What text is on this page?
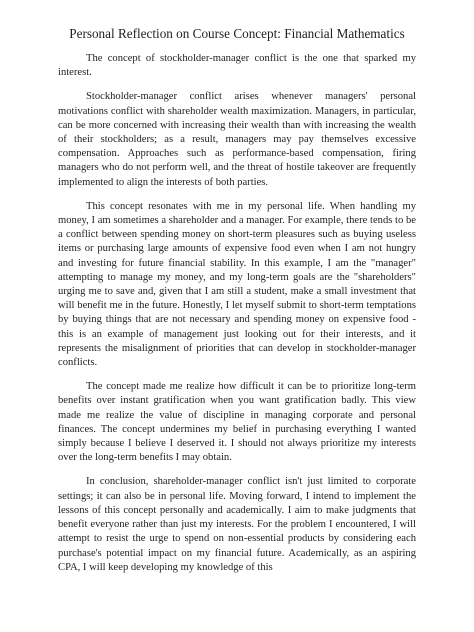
Personal Reflection on Course Concept: Financial Mathematics

The concept of stockholder-manager conflict is the one that sparked my interest.

Stockholder-manager conflict arises whenever managers' personal motivations conflict with shareholder wealth maximization. Managers, in particular, can be more concerned with increasing their wealth than with increasing the wealth of their stockholders; as a result, managers may pay themselves excessive compensation. Approaches such as performance-based compensation, firing managers who do not perform well, and the threat of hostile takeover are frequently implemented to align the interests of both parties.

This concept resonates with me in my personal life. When handling my money, I am sometimes a shareholder and a manager. For example, there tends to be a conflict between spending money on short-term pleasures such as buying useless items or purchasing large amounts of expensive food even when I am not hungry and investing for future financial stability. In this example, I am the "manager" attempting to manage my money, and my long-term goals are the "shareholders" urging me to save and, given that I am still a student, make a small investment that will benefit me in the future. Honestly, I let myself submit to short-term temptations by buying things that are not necessary and spending money on expensive food - this is an example of management just looking out for their interests, and it represents the misalignment of priorities that can develop in stockholder-manager conflicts.

The concept made me realize how difficult it can be to prioritize long-term benefits over instant gratification when you want gratification badly. This view made me realize the value of discipline in managing corporate and personal finances. The concept undermines my belief in purchasing everything I wanted simply because I believe I deserved it. I should not always prioritize my interests over the long-term benefits I may obtain.

In conclusion, shareholder-manager conflict isn't just limited to corporate settings; it can also be in personal life. Moving forward, I intend to implement the lessons of this concept personally and academically. I aim to make judgments that benefit everyone rather than just my interests. For the problem I encountered, I will attempt to resist the urge to spend on non-essential products by considering each purchase's potential impact on my financial future. Academically, as an aspiring CPA, I will keep developing my knowledge of this
